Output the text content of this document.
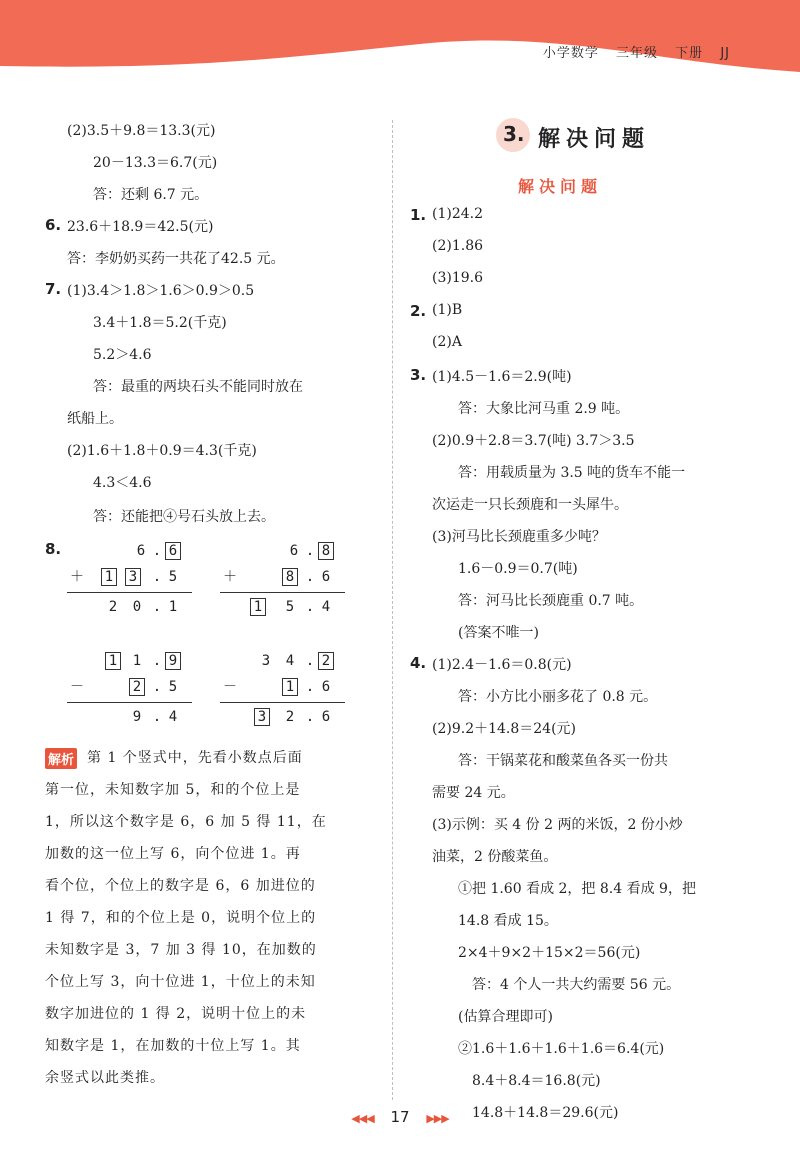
小学数学 三年级 下册 JJ
(2)3.5＋9.8＝13.3(元)
20－13.3＝6.7(元)
答：还剩 6.7 元。
6. 23.6＋18.9＝42.5(元)
答：李奶奶买药一共花了42.5 元。
7. (1)3.4＞1.8＞1.6＞0.9＞0.5
3.4＋1.8＝5.2(千克)
5.2＞4.6
答：最重的两块石头不能同时放在
纸船上。
(2)1.6＋1.8＋0.9＝4.3(千克)
4.3＜4.6
答：还能把④号石头放上去。
8.	6 . 6
＋ 1 3 . 5
2 0 . 1
6 . 8
＋	8 . 6
1 5 . 4
1 1 . 9
－	2 . 5
9 . 4
3 4 . 2
－	1 . 6
3 2 . 6
解析 第 1 个竖式中，先看小数点后面
第一位，未知数字加 5，和的个位上是
1，所以这个数字是 6，6 加 5 得 11，在
加数的这一位上写 6，向个位进 1。再
看个位，个位上的数字是 6，6 加进位的
1 得 7，和的个位上是 0，说明个位上的
未知数字是 3，7 加 3 得 10，在加数的
个位上写 3，向十位进 1，十位上的未知
数字加进位的 1 得 2，说明十位上的未
知数字是 1，在加数的十位上写 1。其
余竖式以此类推。
3. 解决问题
解决问题
1. (1)24.2
(2)1.86
(3)19.6
2. (1)B
(2)A
3. (1)4.5－1.6＝2.9(吨)
答：大象比河马重 2.9 吨。
(2)0.9＋2.8＝3.7(吨) 3.7＞3.5
答：用载质量为 3.5 吨的货车不能一
次运走一只长颈鹿和一头犀牛。
(3)河马比长颈鹿重多少吨？
1.6－0.9＝0.7(吨)
答：河马比长颈鹿重 0.7 吨。
(答案不唯一)
4. (1)2.4－1.6＝0.8(元)
答：小方比小丽多花了 0.8 元。
(2)9.2＋14.8＝24(元)
答：干锅菜花和酸菜鱼各买一份共
需要 24 元。
(3)示例：买 4 份 2 两的米饭，2 份小炒
油菜，2 份酸菜鱼。
①把 1.60 看成 2，把 8.4 看成 9，把
14.8 看成 15。
2×4＋9×2＋15×2＝56(元)
答：4 个人一共大约需要 56 元。
(估算合理即可)
②1.6＋1.6＋1.6＋1.6＝6.4(元)
8.4＋8.4＝16.8(元)
14.8＋14.8＝29.6(元)
◀◀◀ 17 ▶▶▶
